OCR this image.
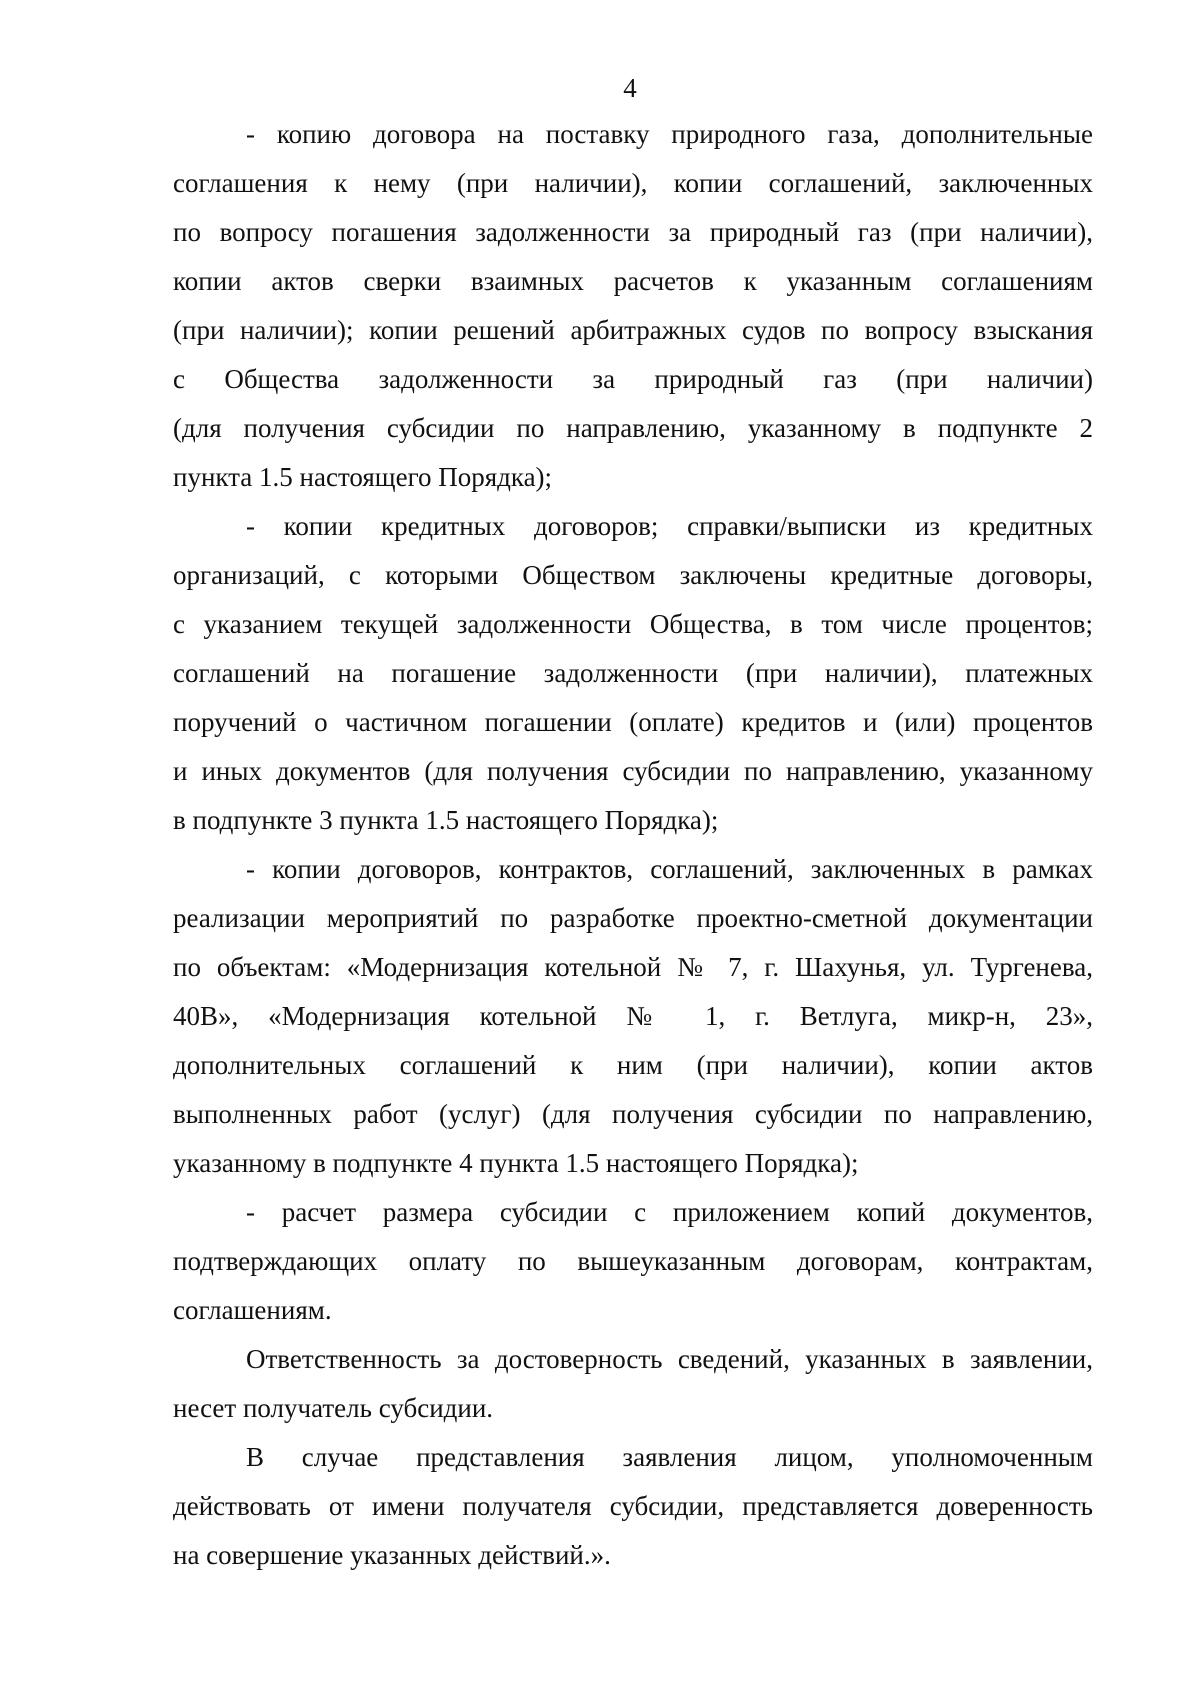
4
- копию договора на поставку природного газа, дополнительные
соглашения к нему (при наличии), копии соглашений, заключенных
по вопросу погашения задолженности за природный газ (при наличии),
копии актов сверки взаимных расчетов к указанным соглашениям
(при наличии); копии решений арбитражных судов по вопросу взыскания
с Общества задолженности за природный газ (при наличии)
(для получения субсидии по направлению, указанному в подпункте 2
пункта 1.5 настоящего Порядка);
- копии кредитных договоров; справки/выписки из кредитных
организаций, с которыми Обществом заключены кредитные договоры,
с указанием текущей задолженности Общества, в том числе процентов;
соглашений на погашение задолженности (при наличии), платежных
поручений о частичном погашении (оплате) кредитов и (или) процентов
и иных документов (для получения субсидии по направлению, указанному
в подпункте 3 пункта 1.5 настоящего Порядка);
- копии договоров, контрактов, соглашений, заключенных в рамках
реализации мероприятий по разработке проектно-сметной документации
по объектам: «Модернизация котельной № 7, г. Шахунья, ул. Тургенева,
40В», «Модернизация котельной № 1, г. Ветлуга, микр-н, 23»,
дополнительных соглашений к ним (при наличии), копии актов
выполненных работ (услуг) (для получения субсидии по направлению,
указанному в подпункте 4 пункта 1.5 настоящего Порядка);
- расчет размера субсидии с приложением копий документов,
подтверждающих оплату по вышеуказанным договорам, контрактам,
соглашениям.
Ответственность за достоверность сведений, указанных в заявлении,
несет получатель субсидии.
В случае представления заявления лицом, уполномоченным
действовать от имени получателя субсидии, представляется доверенность
на совершение указанных действий.».
